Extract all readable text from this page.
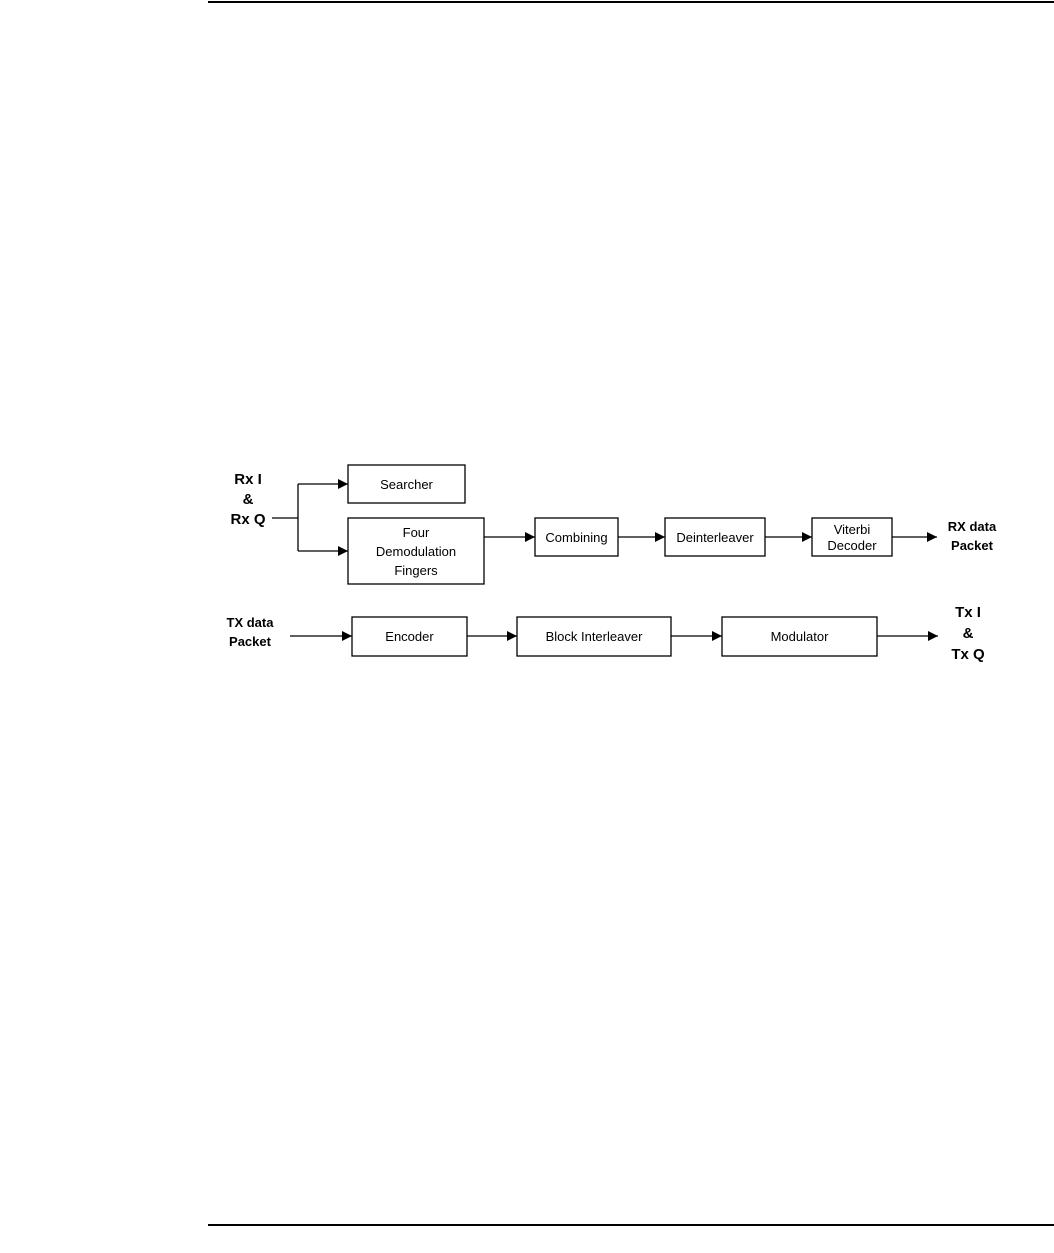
Rx I
&
Rx Q
Searcher
Four
Demodulation
Fingers
Combining	Deinterleaver
Viterbi
Decoder
RX data
Packet
TX data
Packet	Encoder	Block Interleaver	Modulator
Tx I
&
Tx Q
